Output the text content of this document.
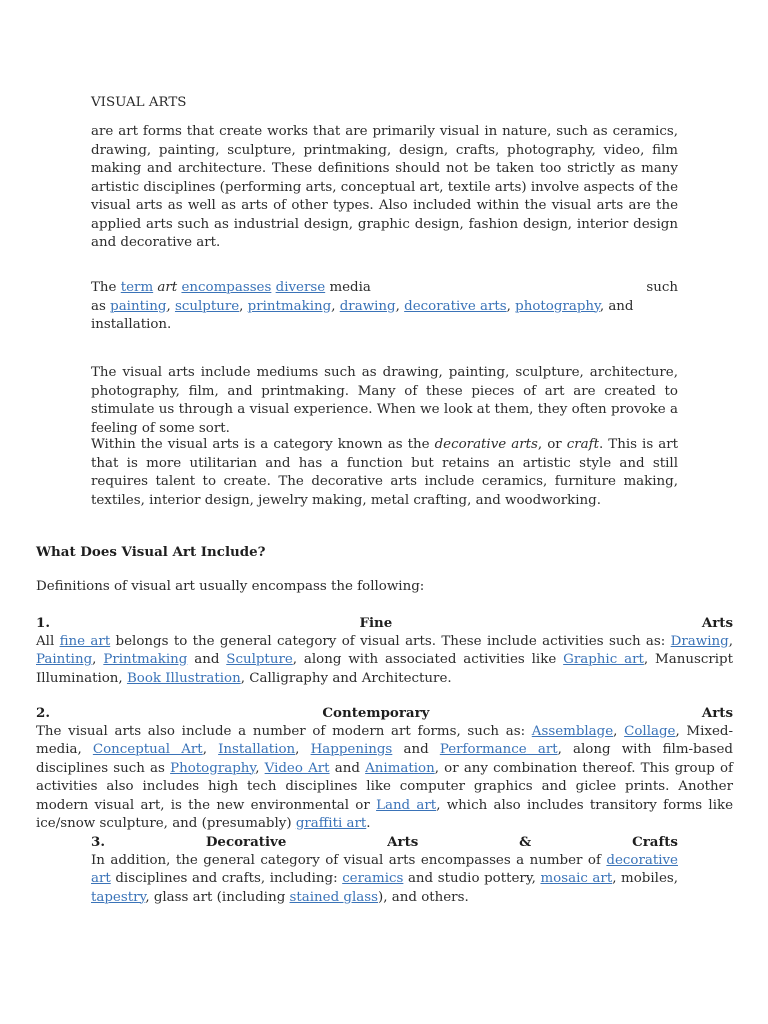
VISUAL ARTS

are art forms that create works that are primarily visual in nature, such as ceramics, drawing, painting, sculpture, printmaking, design, crafts, photography, video, film making and architecture. These definitions should not be taken too strictly as many artistic disciplines (performing arts, conceptual art, textile arts) involve aspects of the visual arts as well as arts of other types. Also included within the visual arts are the applied arts such as industrial design, graphic design, fashion design, interior design and decorative art.

The term art encompasses diverse media	such
as painting, sculpture, printmaking, drawing, decorative arts, photography, and installation.

The visual arts include mediums such as drawing, painting, sculpture, architecture, photography, film, and printmaking. Many of these pieces of art are created to stimulate us through a visual experience. When we look at them, they often provoke a feeling of some sort.

Within the visual arts is a category known as the decorative arts, or craft. This is art that is more utilitarian and has a function but retains an artistic style and still requires talent to create. The decorative arts include ceramics, furniture making, textiles, interior design, jewelry making, metal crafting, and woodworking.

What Does Visual Art Include?

Definitions of visual art usually encompass the following:

1.	Fine	Arts

All fine art belongs to the general category of visual arts. These include activities such as: Drawing, Painting, Printmaking and Sculpture, along with associated activities like Graphic art, Manuscript Illumination, Book Illustration, Calligraphy and Architecture.

2.	Contemporary	Arts

The visual arts also include a number of modern art forms, such as: Assemblage, Collage, Mixed-media, Conceptual Art, Installation, Happenings and Performance art, along with film-based disciplines such as Photography, Video Art and Animation, or any combination thereof. This group of activities also includes high tech disciplines like computer graphics and giclee prints. Another modern visual art, is the new environmental or Land art, which also includes transitory forms like ice/snow sculpture, and (presumably) graffiti art.

3.	Decorative	Arts	&	Crafts

In addition, the general category of visual arts encompasses a number of decorative art disciplines and crafts, including: ceramics and studio pottery, mosaic art, mobiles, tapestry, glass art (including stained glass), and others.
